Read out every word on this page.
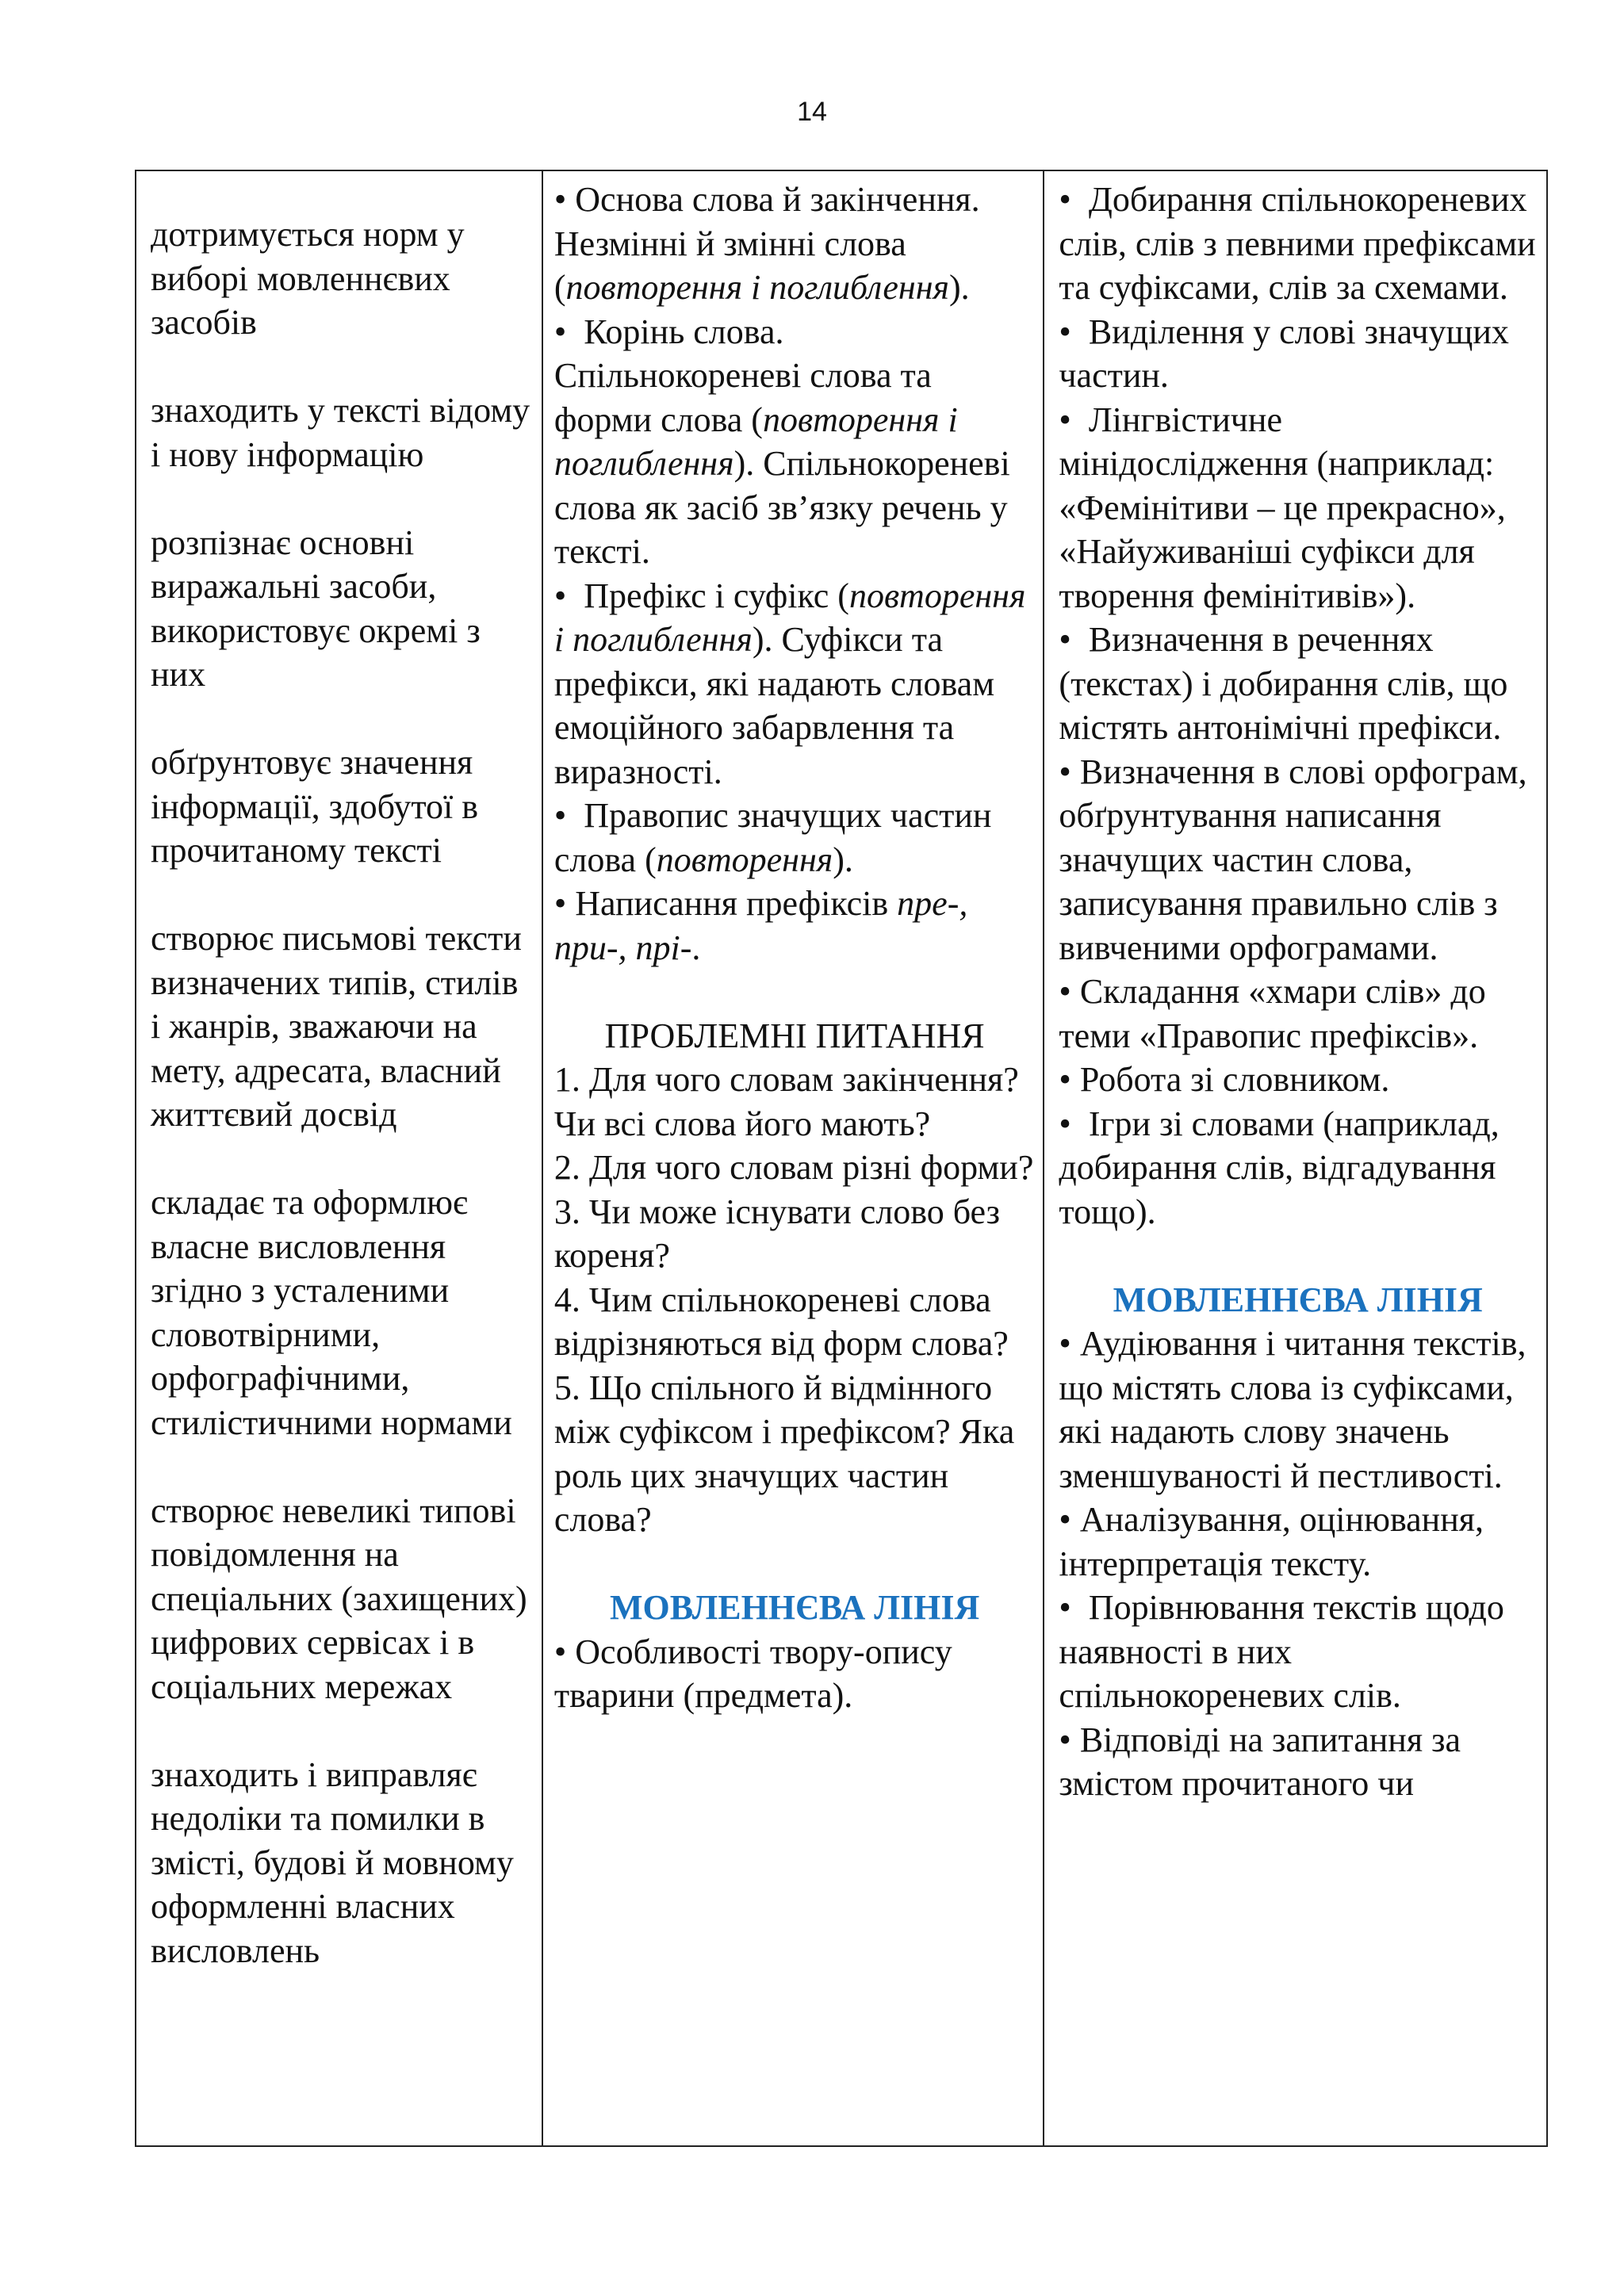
14

дотримується норм у виборі мовленнєвих засобів

знаходить у тексті відому і нову інформацію

розпізнає основні виражальні засоби, використовує окремі з них

обґрунтовує значення інформації, здобутої в прочитаному тексті

створює письмові тексти визначених типів, стилів і жанрів, зважаючи на мету, адресата, власний життєвий досвід

складає та оформлює власне висловлення згідно з усталеними словотвірними, орфографічними, стилістичними нормами

створює невеликі типові повідомлення на спеціальних (захищених) цифрових сервісах і в соціальних мережах

знаходить і виправляє недоліки та помилки в змісті, будові й мовному оформленні власних висловлень

• Основа слова й закінчення. Незмінні й змінні слова (повторення і поглиблення).

•  Корінь слова. Спільнокореневі слова та форми слова (повторення і поглиблення). Спільнокореневі слова як засіб зв’язку речень у тексті.

•  Префікс і суфікс (повторення і поглиблення). Суфікси та префікси, які надають словам емоційного забарвлення та виразності.

•  Правопис значущих частин слова (повторення).

• Написання префіксів пре-, при-, прі-.

ПРОБЛЕМНІ ПИТАННЯ

1. Для чого словам закінчення? Чи всі слова його мають?

2. Для чого словам різні форми?

3. Чи може існувати слово без кореня?

4. Чим спільнокореневі слова відрізняються від форм слова?

5. Що спільного й відмінного між суфіксом і префіксом? Яка роль цих значущих частин слова?

МОВЛЕННЄВА ЛІНІЯ

• Особливості твору-опису тварини (предмета).

•  Добирання спільнокореневих слів, слів з певними префіксами та суфіксами, слів за схемами.

•  Виділення у слові значущих частин.

•  Лінгвістичне мінідослідження (наприклад: «Фемінітиви – це прекрасно», «Найуживаніші суфікси для творення фемінітивів»).

•  Визначення в реченнях (текстах) і добирання слів, що містять антонімічні префікси.

• Визначення в слові орфограм, обґрунтування написання значущих частин слова, записування правильно слів з вивченими орфограмами.

• Складання «хмари слів» до теми «Правопис префіксів».

• Робота зі словником.

•  Ігри зі словами (наприклад, добирання слів, відгадування тощо).

МОВЛЕННЄВА ЛІНІЯ

• Аудіювання і читання текстів, що містять слова із суфіксами, які надають слову значень зменшуваності й пестливості.

• Аналізування, оцінювання, інтерпретація тексту.

•  Порівнювання текстів щодо наявності в них спільнокореневих слів.

• Відповіді на запитання за змістом прочитаного чи
